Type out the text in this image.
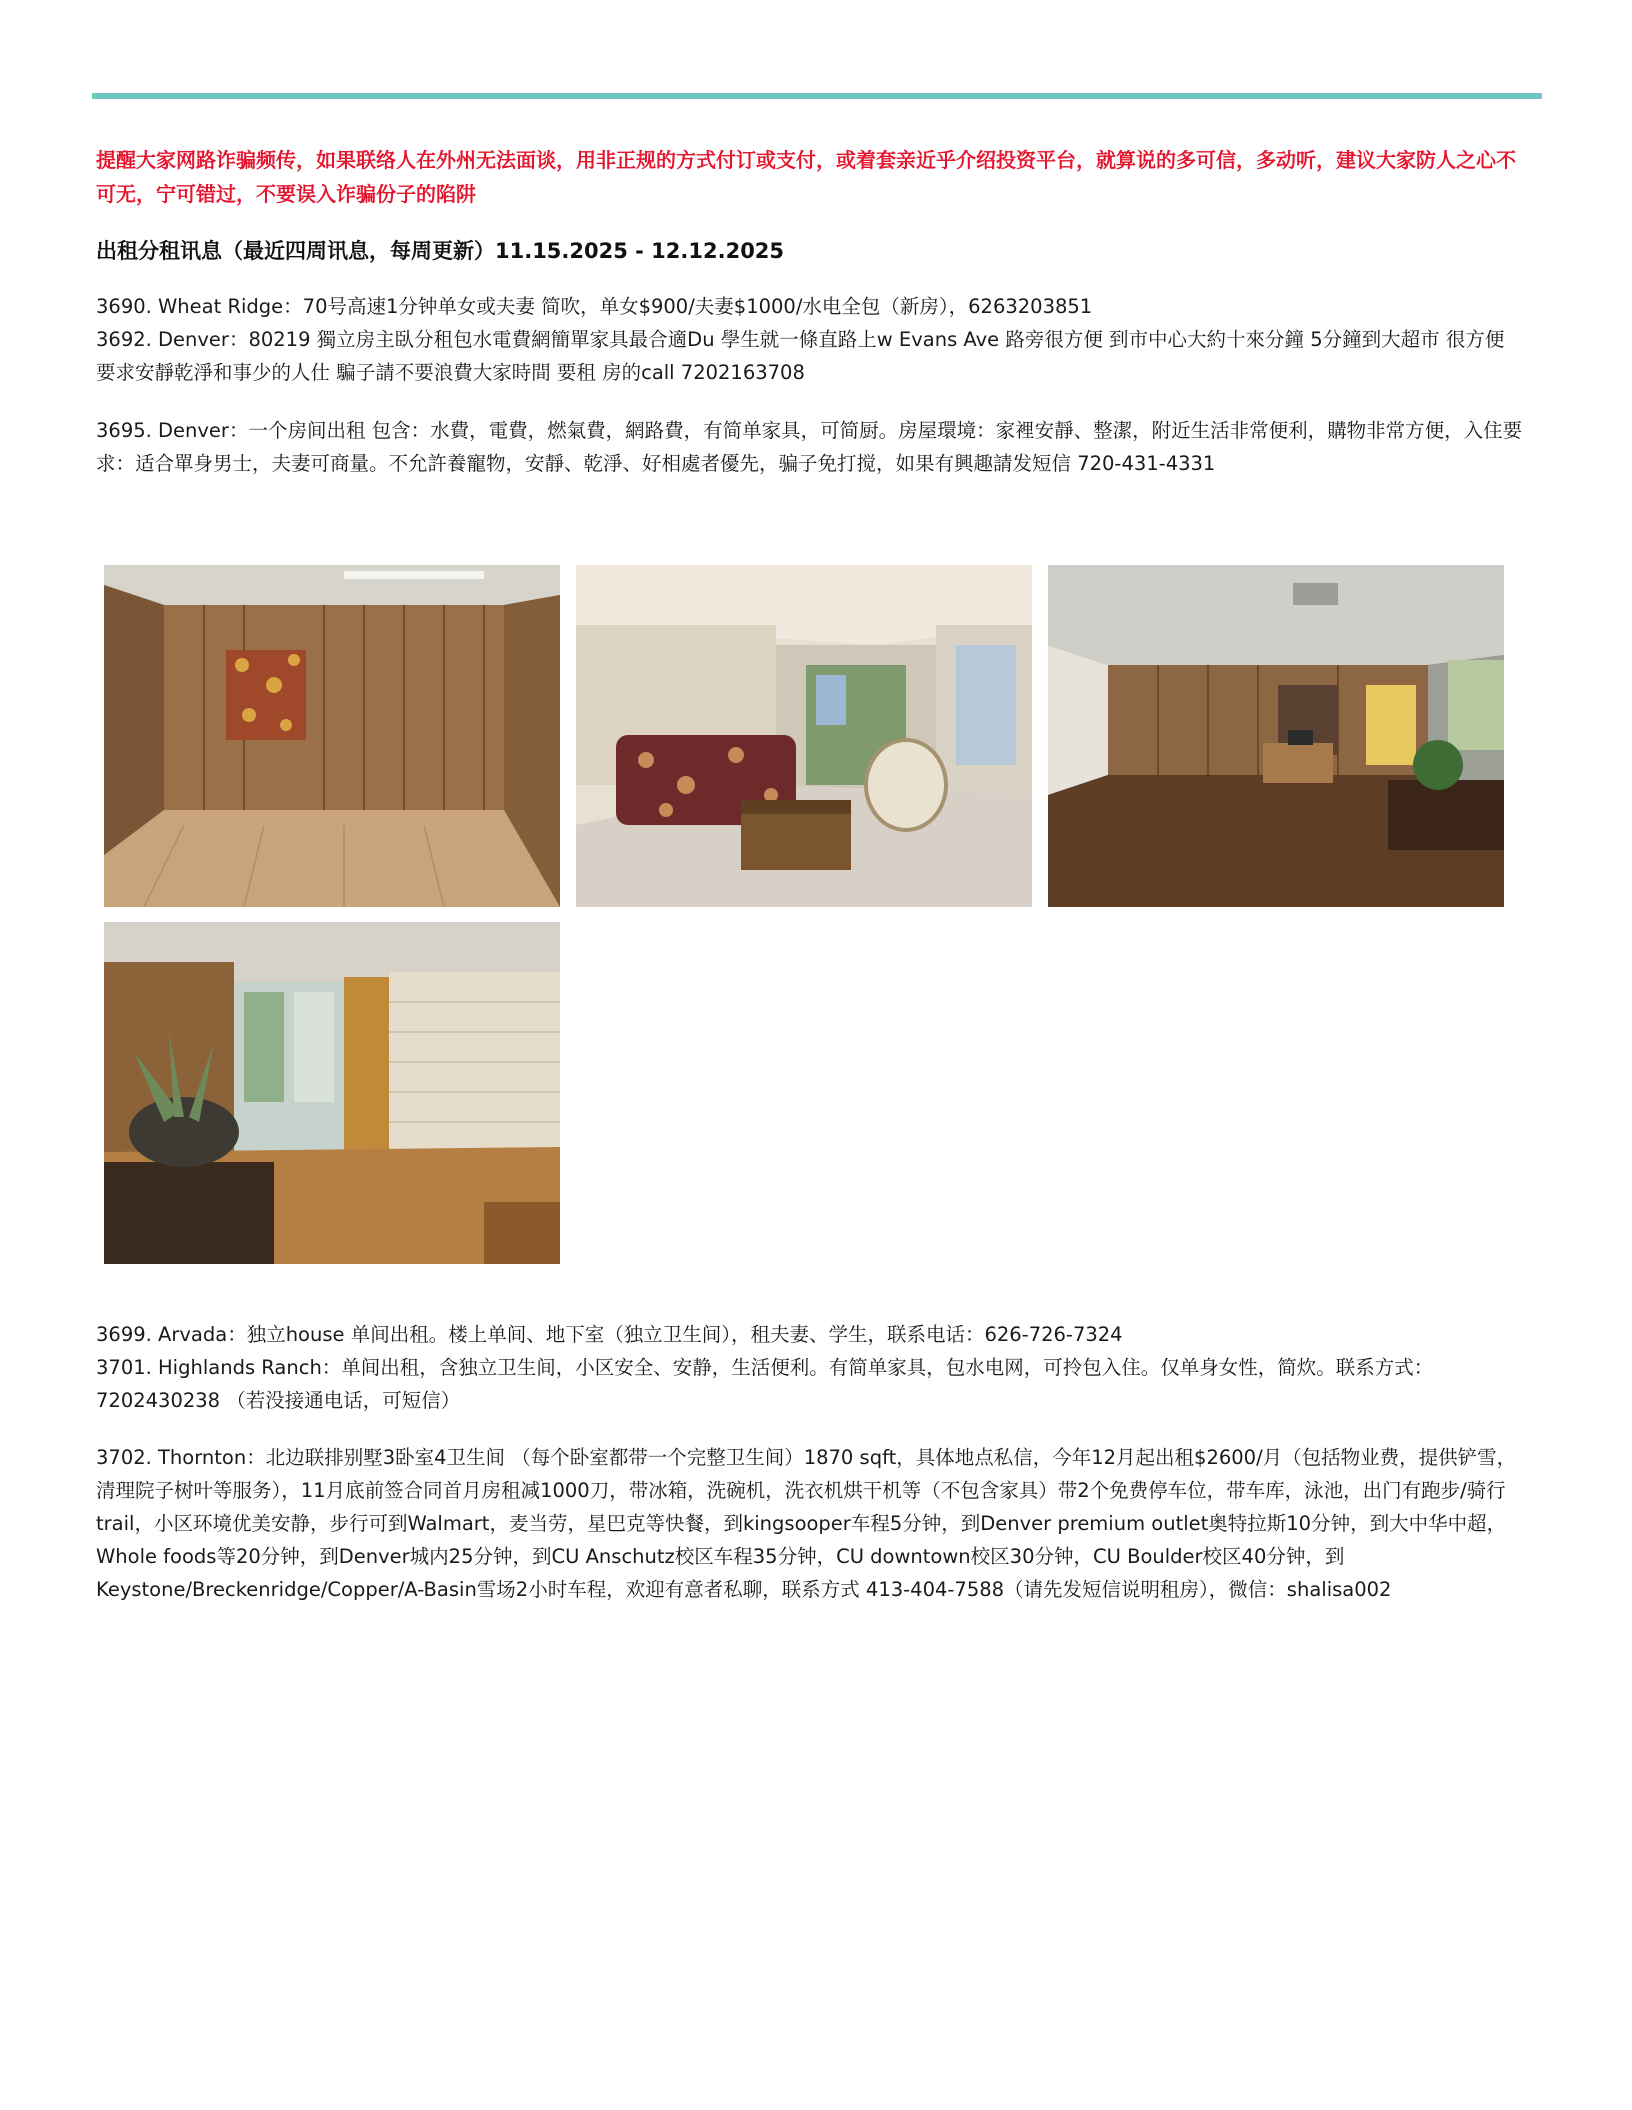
提醒大家网路诈骗频传，如果联络人在外州无法面谈，用非正规的方式付订或支付，或着套亲近乎介绍投资平台，就算说的多可信，多动听，建议大家防人之心不可无，宁可错过，不要误入诈骗份子的陷阱

出租分租讯息（最近四周讯息，每周更新）11.15.2025 - 12.12.2025

3690. Wheat Ridge：70号高速1分钟单女或夫妻 简吹，单女$900/夫妻$1000/水电全包（新房），6263203851
3692. Denver：80219 獨立房主臥分租包水電費網簡單家具最合適Du 學生就一條直路上w Evans Ave 路旁很方便 到市中心大約十來分鐘 5分鐘到大超市 很方便 要求安靜乾淨和事少的人仕 騙子請不要浪費大家時間 要租 房的call 7202163708
3695. Denver：一个房间出租 包含：水費，電費，燃氣費，網路費，有简单家具，可简厨。房屋環境：家裡安靜、整潔，附近生活非常便利，購物非常方便，入住要求：适合單身男士，夫妻可商量。不允許養寵物，安靜、乾淨、好相處者優先，骗子免打搅，如果有興趣請发短信 720-431-4331
3699. Arvada：独立house 单间出租。楼上单间、地下室（独立卫生间），租夫妻、学生，联系电话：626-726-7324
3701. Highlands Ranch：单间出租，含独立卫生间，小区安全、安静，生活便利。有简单家具，包水电网，可拎包入住。仅单身女性，简炊。联系方式：7202430238 （若没接通电话，可短信）
3702. Thornton：北边联排别墅3卧室4卫生间 （每个卧室都带一个完整卫生间）1870 sqft，具体地点私信，今年12月起出租$2600/月（包括物业费，提供铲雪，清理院子树叶等服务），11月底前签合同首月房租减1000刀，带冰箱，洗碗机，洗衣机烘干机等（不包含家具）带2个免费停车位，带车库，泳池，出门有跑步/骑行trail，小区环境优美安静，步行可到Walmart，麦当劳，星巴克等快餐，到kingsooper车程5分钟，到Denver premium outlet奥特拉斯10分钟，到大中华中超，Whole foods等20分钟，到Denver城内25分钟，到CU Anschutz校区车程35分钟，CU downtown校区30分钟，CU Boulder校区40分钟，到Keystone/Breckenridge/Copper/A-Basin雪场2小时车程，欢迎有意者私聊，联系方式 413-404-7588（请先发短信说明租房），微信：shalisa002
